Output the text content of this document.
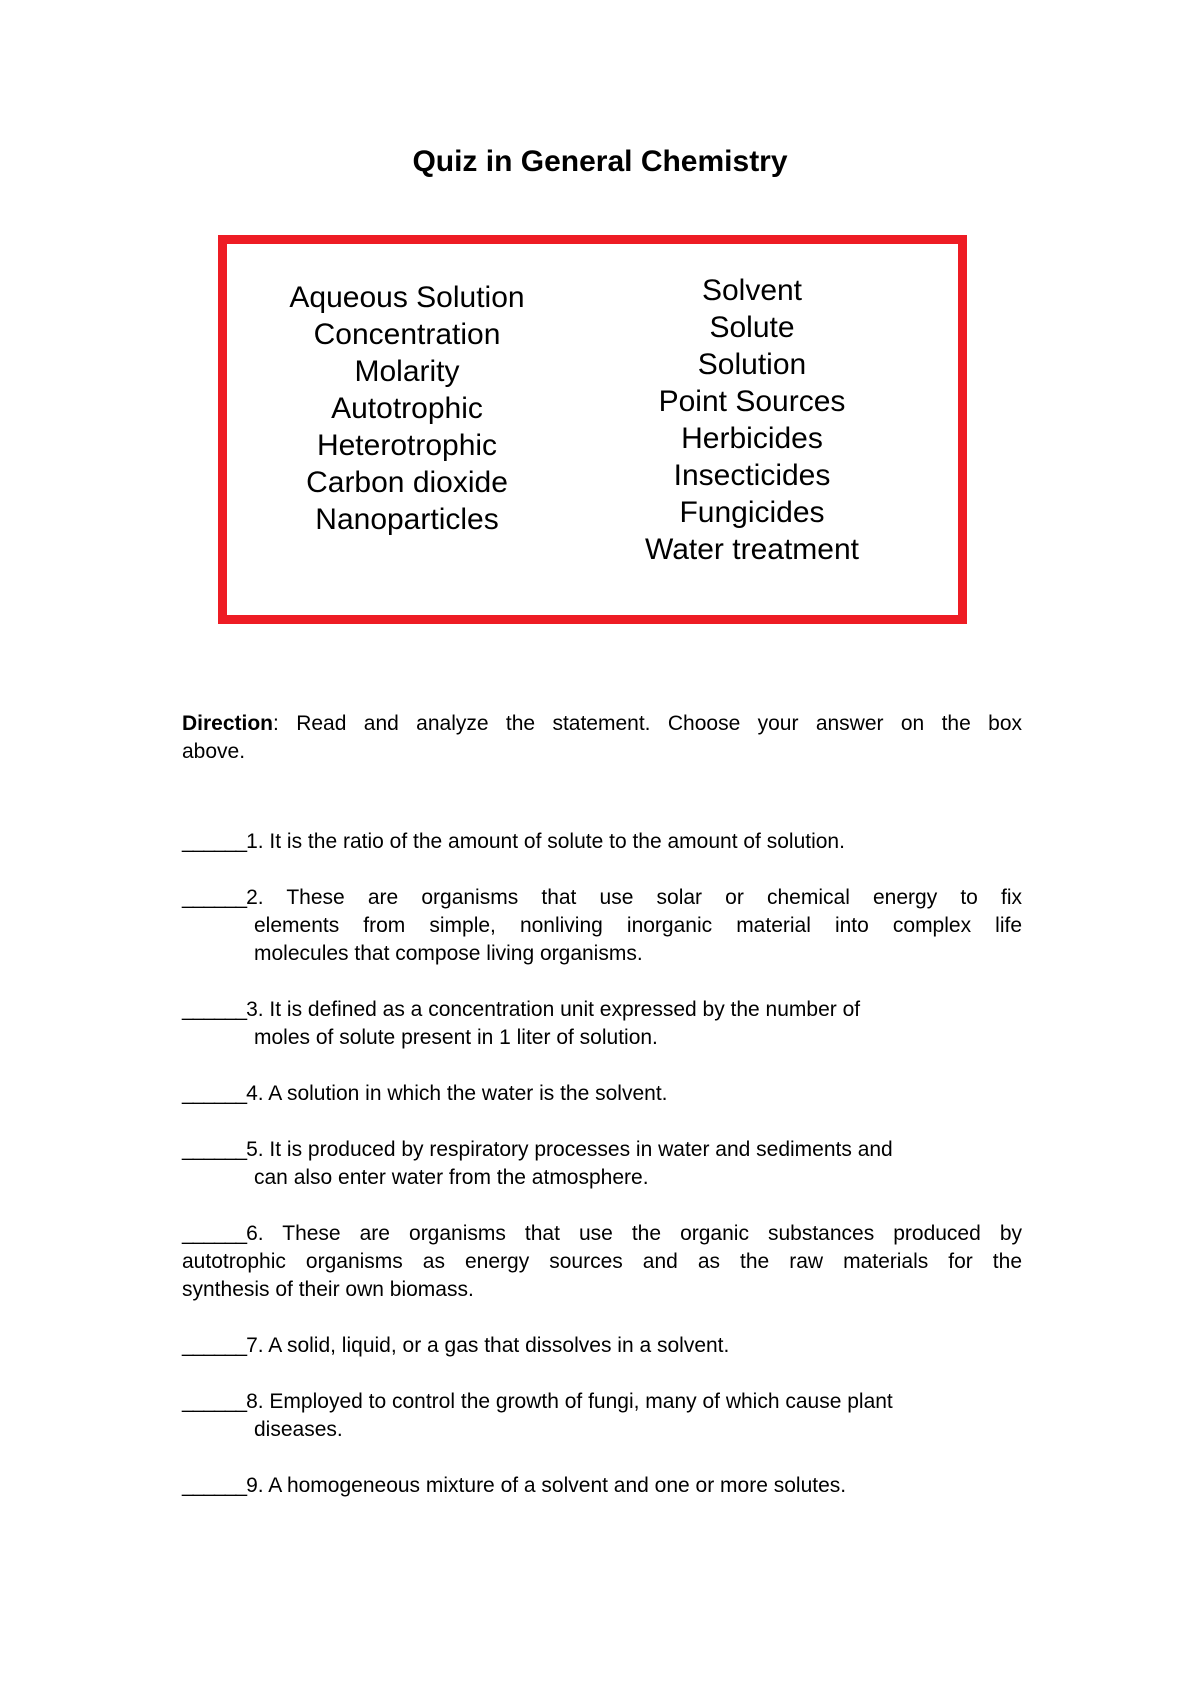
Quiz in General Chemistry
Aqueous Solution
Concentration
Molarity
Autotrophic
Heterotrophic
Carbon dioxide
Nanoparticles
Solvent
Solute
Solution
Point Sources
Herbicides
Insecticides
Fungicides
Water treatment
Direction: Read and analyze the statement. Choose your answer on the box
above.
______1. It is the ratio of the amount of solute to the amount of solution.
______ 2. These are organisms that use solar or chemical energy to fix
elements from simple, nonliving inorganic material into complex life
molecules that compose living organisms.
______3. It is defined as a concentration unit expressed by the number of
moles of solute present in 1 liter of solution.
______4. A solution in which the water is the solvent.
______5. It is produced by respiratory processes in water and sediments and
can also enter water from the atmosphere.
______ 6. These are organisms that use the organic substances produced by
autotrophic organisms as energy sources and as the raw materials for the
synthesis of their own biomass.
______7. A solid, liquid, or a gas that dissolves in a solvent.
______8. Employed to control the growth of fungi, many of which cause plant
diseases.
______9. A homogeneous mixture of a solvent and one or more solutes.
